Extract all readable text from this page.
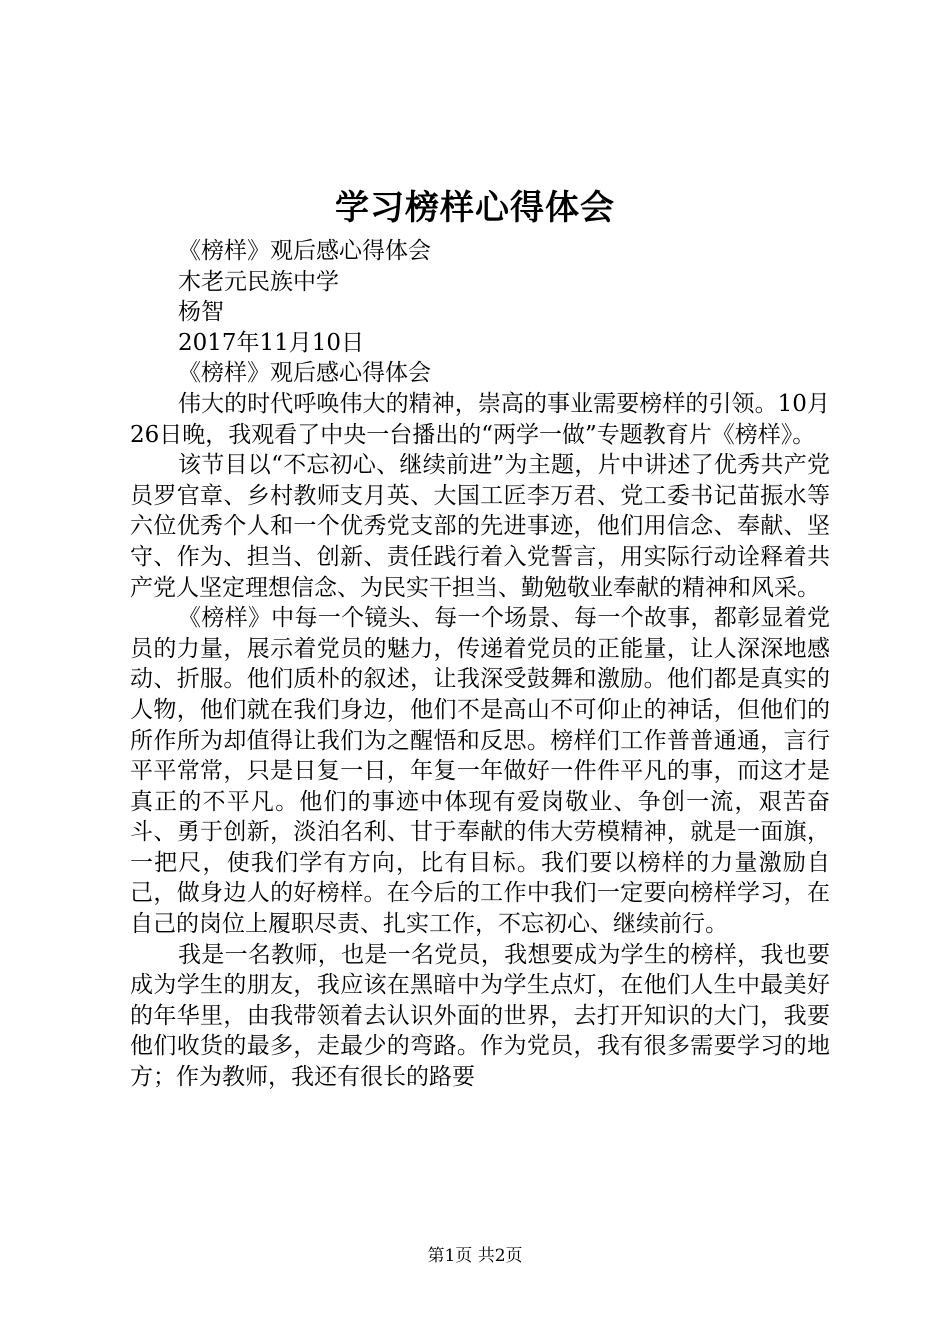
学习榜样心得体会

《榜样》观后感心得体会

木老元民族中学

杨智

2017年11月10日

《榜样》观后感心得体会

伟大的时代呼唤伟大的精神，崇高的事业需要榜样的引领。10月26日晚，我观看了中央一台播出的“两学一做”专题教育片《榜样》。

该节目以“不忘初心、继续前进”为主题，片中讲述了优秀共产党员罗官章、乡村教师支月英、大国工匠李万君、党工委书记苗振水等六位优秀个人和一个优秀党支部的先进事迹，他们用信念、奉献、坚守、作为、担当、创新、责任践行着入党誓言，用实际行动诠释着共产党人坚定理想信念、为民实干担当、勤勉敬业奉献的精神和风采。

《榜样》中每一个镜头、每一个场景、每一个故事，都彰显着党员的力量，展示着党员的魅力，传递着党员的正能量，让人深深地感动、折服。他们质朴的叙述，让我深受鼓舞和激励。他们都是真实的人物，他们就在我们身边，他们不是高山不可仰止的神话，但他们的所作所为却值得让我们为之醒悟和反思。榜样们工作普普通通，言行平平常常，只是日复一日，年复一年做好一件件平凡的事，而这才是真正的不平凡。他们的事迹中体现有爱岗敬业、争创一流，艰苦奋斗、勇于创新，淡泊名利、甘于奉献的伟大劳模精神，就是一面旗，一把尺，使我们学有方向，比有目标。我们要以榜样的力量激励自己，做身边人的好榜样。在今后的工作中我们一定要向榜样学习，在自己的岗位上履职尽责、扎实工作，不忘初心、继续前行。

我是一名教师，也是一名党员，我想要成为学生的榜样，我也要成为学生的朋友，我应该在黑暗中为学生点灯，在他们人生中最美好的年华里，由我带领着去认识外面的世界，去打开知识的大门，我要他们收货的最多，走最少的弯路。作为党员，我有很多需要学习的地方；作为教师，我还有很长的路要

第1页 共2页
